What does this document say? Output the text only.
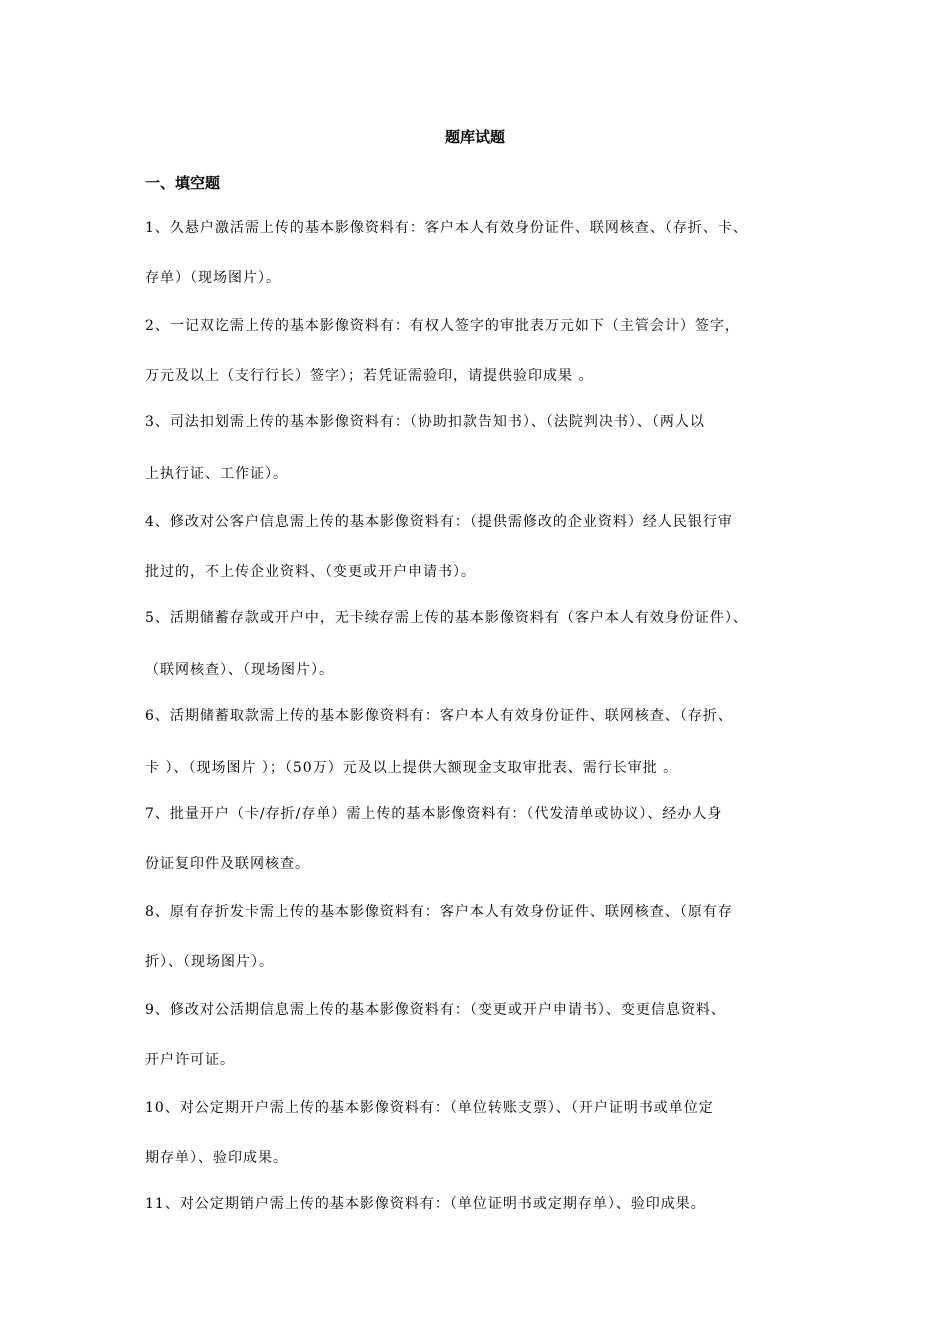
题库试题
一、填空题
1、久悬户激活需上传的基本影像资料有：客户本人有效身份证件、联网核查、（存折、卡、
存单）（现场图片）。
2、一记双讫需上传的基本影像资料有：有权人签字的审批表万元如下（主管会计）签字，
万元及以上（支行行长）签字）；若凭证需验印，请提供验印成果 。
3、司法扣划需上传的基本影像资料有：（协助扣款告知书）、（法院判决书）、（两人以
上执行证、工作证）。
4、修改对公客户信息需上传的基本影像资料有：（提供需修改的企业资料）经人民银行审
批过的，不上传企业资料、（变更或开户申请书）。
5、活期储蓄存款或开户中，无卡续存需上传的基本影像资料有（客户本人有效身份证件）、
（联网核查）、（现场图片）。
6、活期储蓄取款需上传的基本影像资料有：客户本人有效身份证件、联网核查、（存折、
卡 ）、（现场图片 ）；（50万）元及以上提供大额现金支取审批表、需行长审批 。
7、批量开户（卡/存折/存单）需上传的基本影像资料有：（代发清单或协议）、经办人身
份证复印件及联网核查。
8、原有存折发卡需上传的基本影像资料有：客户本人有效身份证件、联网核查、（原有存
折）、（现场图片）。
9、修改对公活期信息需上传的基本影像资料有：（变更或开户申请书）、变更信息资料、
开户许可证。
10、对公定期开户需上传的基本影像资料有：（单位转账支票）、（开户证明书或单位定
期存单）、验印成果。
11、对公定期销户需上传的基本影像资料有：（单位证明书或定期存单）、验印成果。
